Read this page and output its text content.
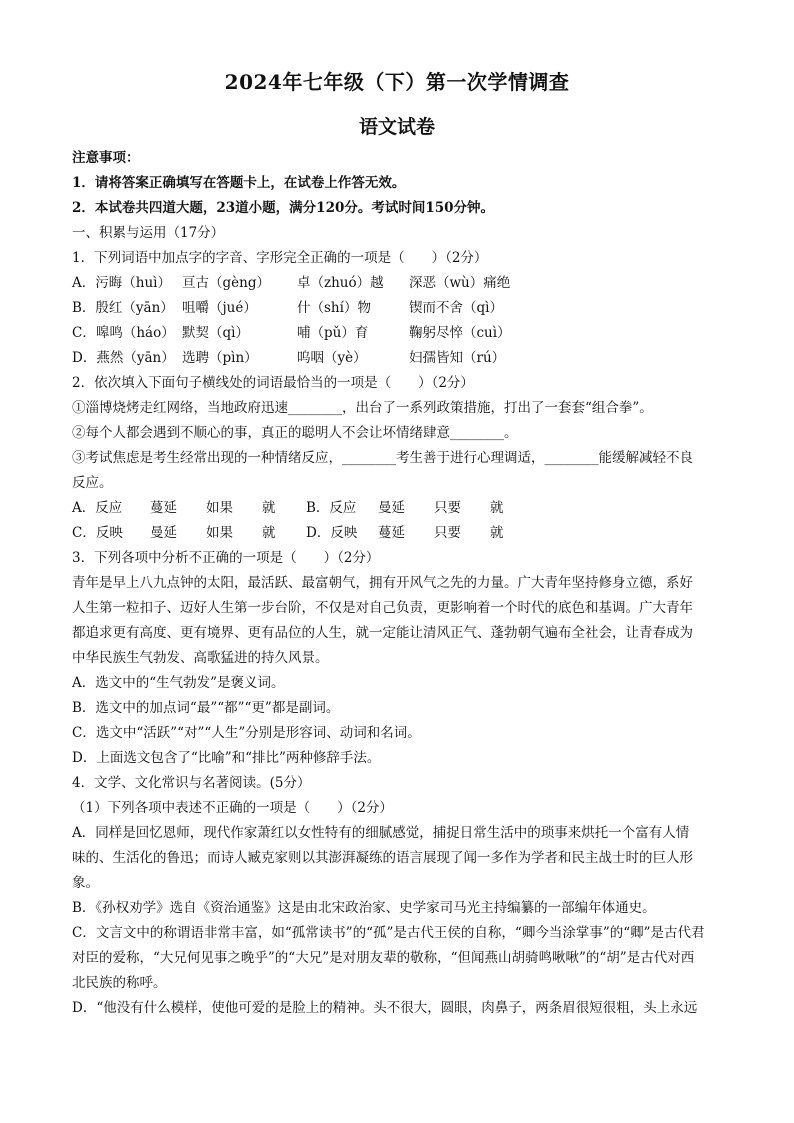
2024年七年级（下）第一次学情调查
语文试卷
注意事项：
1．请将答案正确填写在答题卡上，在试卷上作答无效。
2．本试卷共四道大题，23道小题，满分120分。考试时间150分钟。
一、积累与运用（17分）
1．下列词语中加点字的字音、字形完全正确的一项是（　　）（2分）
A．污晦（huì） 亘古（gèng） 卓（zhuó）越 深恶（wù）痛绝
B．殷红（yān） 咀嚼（jué）	什（shí）物	锲而不舍（qì）
C．嗥鸣（háo） 默契（qì）	哺（pǔ）育	鞠躬尽悴（cuì）
D．燕然（yān） 选聘（pìn）	呜咽（yè）	妇孺皆知（rú）
2．依次填入下面句子横线处的词语最恰当的一项是（　　）（2分）
①淄博烧烤走红网络，当地政府迅速________，出台了一系列政策措施，打出了一套套“组合拳”。
②每个人都会遇到不顺心的事，真正的聪明人不会让坏情绪肆意________。
③考试焦虑是考生经常出现的一种情绪反应，________考生善于进行心理调适，________能缓解减轻不良
反应。
A．反应 蔓延 如果 就 B．反应 曼延 只要 就
C．反映 曼延 如果 就 D．反映 蔓延 只要 就
3．下列各项中分析不正确的一项是（　　）（2分）
青年是早上八九点钟的太阳，最活跃、最富朝气，拥有开风气之先的力量。广大青年坚持修身立德，系好
人生第一粒扣子、迈好人生第一步台阶，不仅是对自己负责，更影响着一个时代的底色和基调。广大青年
都追求更有高度、更有境界、更有品位的人生，就一定能让清风正气、蓬勃朝气遍布全社会，让青春成为
中华民族生气勃发、高歌猛进的持久风景。
A．选文中的“生气勃发”是褒义词。
B．选文中的加点词“最”“都”“更”都是副词。
C．选文中“活跃”“对”“人生”分别是形容词、动词和名词。
D．上面选文包含了“比喻”和“排比”两种修辞手法。
4．文学、文化常识与名著阅读。(5分）
（1）下列各项中表述不正确的一项是（　　）（2分）
A．同样是回忆恩师，现代作家萧红以女性特有的细腻感觉，捕捉日常生活中的琐事来烘托一个富有人情
味的、生活化的鲁迅；而诗人臧克家则以其澎湃凝练的语言展现了闻一多作为学者和民主战士时的巨人形
象。
B．《孙权劝学》选自《资治通鉴》这是由北宋政治家、史学家司马光主持编纂的一部编年体通史。
C．文言文中的称谓语非常丰富，如“孤常读书”的“孤”是古代王侯的自称，“卿今当涂掌事”的“卿”是古代君
对臣的爱称，“大兄何见事之晚乎”的“大兄”是对朋友辈的敬称，“但闻燕山胡骑鸣啾啾”的“胡”是古代对西
北民族的称呼。
D．“他没有什么模样，使他可爱的是脸上的精神。头不很大，圆眼，肉鼻子，两条眉很短很粗，头上永远
